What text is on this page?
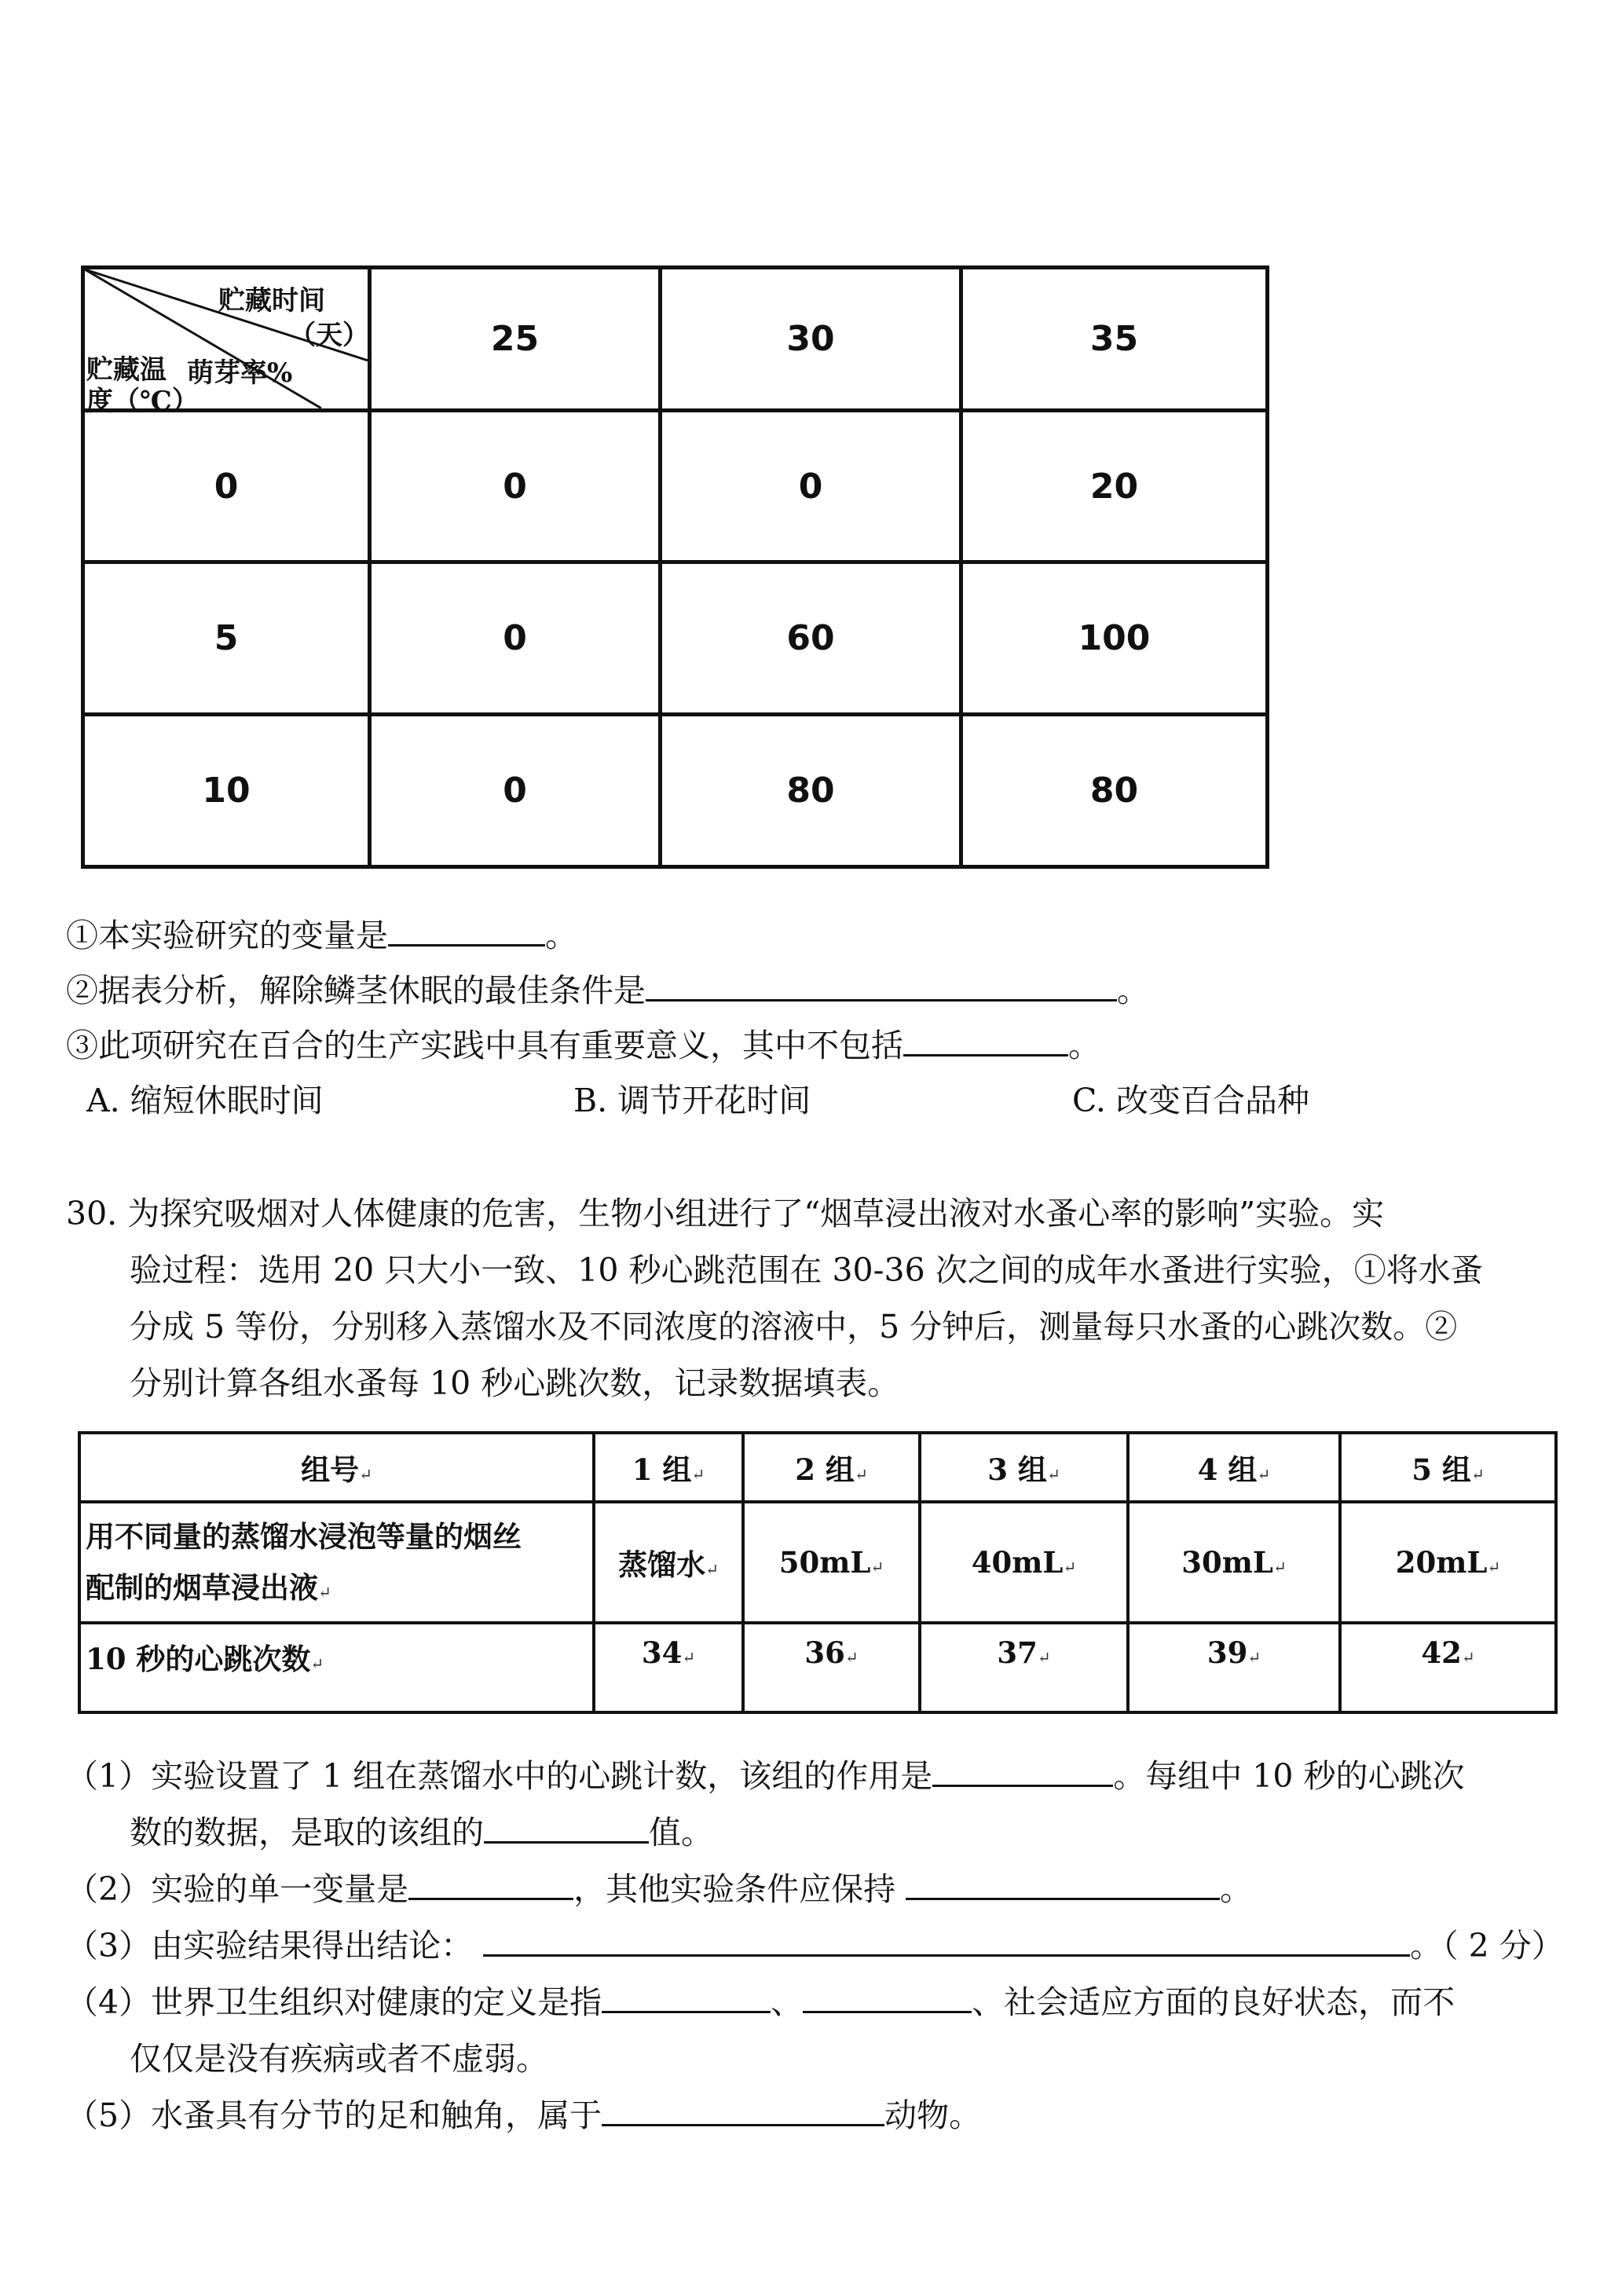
贮藏时间
（天）
萌芽率%
贮藏温
度（℃）	25	30	35
0	0	0	20
5	0	60	100
10	0	80	80
①本实验研究的变量是	。
②据表分析，解除鳞茎休眠的最佳条件是	。
③此项研究在百合的生产实践中具有重要意义，其中不包括	。
A. 缩短休眠时间	B. 调节开花时间	C. 改变百合品种
30. 为探究吸烟对人体健康的危害，生物小组进行了“烟草浸出液对水蚤心率的影响”实验。实
验过程：选用 20 只大小一致、10 秒心跳范围在 30-36 次之间的成年水蚤进行实验，①将水蚤
分成 5 等份，分别移入蒸馏水及不同浓度的溶液中，5 分钟后，测量每只水蚤的心跳次数。②
分别计算各组水蚤每 10 秒心跳次数，记录数据填表。
组号↵	1 组↵	2 组↵	3 组↵	4 组↵	5 组↵
用不同量的蒸馏水浸泡等量的烟丝
配制的烟草浸出液↵	蒸馏水↵	50mL↵	40mL↵	30mL↵	20mL↵
10 秒的心跳次数↵	34↵	36↵	37↵	39↵	42↵
（1）实验设置了 1 组在蒸馏水中的心跳计数，该组的作用是	。每组中 10 秒的心跳次
数的数据，是取的该组的	值。
（2）实验的单一变量是	，其他实验条件应保持	。
（3）由实验结果得出结论：	。（ 2 分）
（4）世界卫生组织对健康的定义是指	、	、社会适应方面的良好状态，而不
仅仅是没有疾病或者不虚弱。
（5）水蚤具有分节的足和触角，属于	动物。
